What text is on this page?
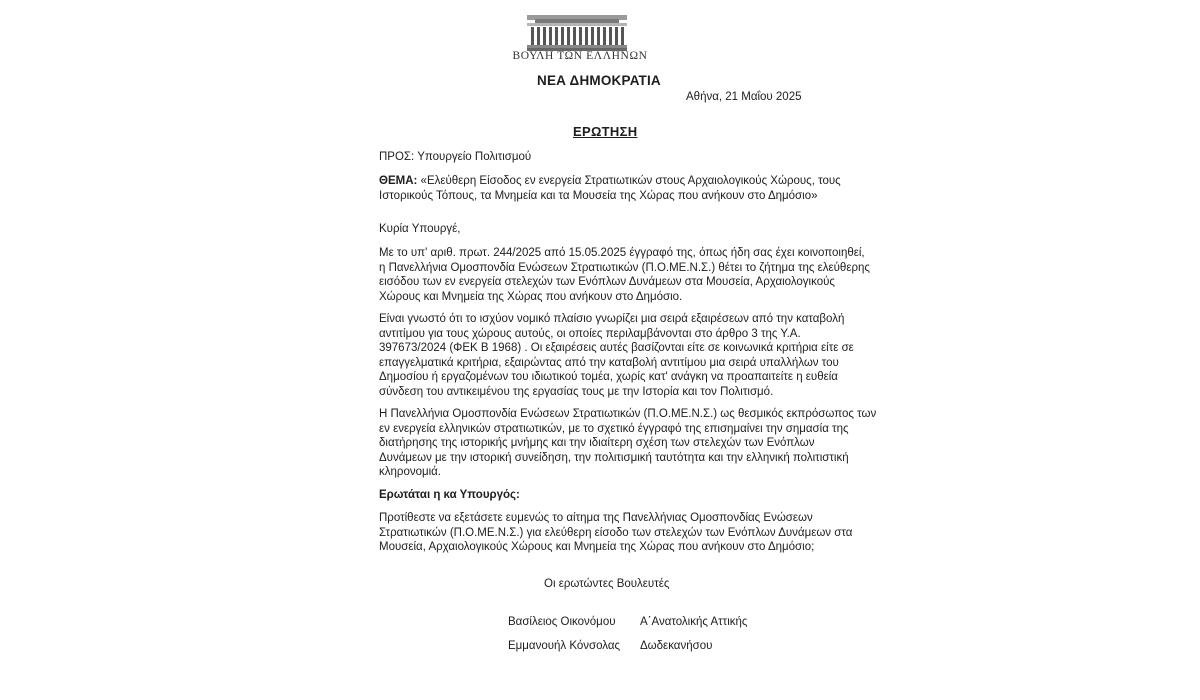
ΒΟΥΛΗ ΤΩΝ ΕΛΛΗΝΩΝ
ΝΕΑ ΔΗΜΟΚΡΑΤΙΑ
Αθήνα, 21 Μαΐου 2025
ΕΡΩΤΗΣΗ
ΠΡΟΣ: Υπουργείο Πολιτισμού
ΘΕΜΑ: «Ελεύθερη Είσοδος εν ενεργεία Στρατιωτικών στους Αρχαιολογικούς Χώρους, τους
Ιστορικούς Τόπους, τα Μνημεία και τα Μουσεία της Χώρας που ανήκουν στο Δημόσιο»
Κυρία Υπουργέ,
Με το υπ' αριθ. πρωτ. 244/2025 από 15.05.2025 έγγραφό της, όπως ήδη σας έχει κοινοποιηθεί,
η Πανελλήνια Ομοσπονδία Ενώσεων Στρατιωτικών (Π.Ο.ΜΕ.Ν.Σ.) θέτει το ζήτημα της ελεύθερης
εισόδου των εν ενεργεία στελεχών των Ενόπλων Δυνάμεων στα Μουσεία, Αρχαιολογικούς
Χώρους και Μνημεία της Χώρας που ανήκουν στο Δημόσιο.
Είναι γνωστό ότι το ισχύον νομικό πλαίσιο γνωρίζει μια σειρά εξαιρέσεων από την καταβολή
αντιτίμου για τους χώρους αυτούς, οι οποίες περιλαμβάνονται στο άρθρο 3 της Υ.Α.
397673/2024 (ΦΕΚ Β 1968) . Οι εξαιρέσεις αυτές βασίζονται είτε σε κοινωνικά κριτήρια είτε σε
επαγγελματικά κριτήρια, εξαιρώντας από την καταβολή αντιτίμου μια σειρά υπαλλήλων του
Δημοσίου ή εργαζομένων του ιδιωτικού τομέα, χωρίς κατ' ανάγκη να προαπαιτείτε η ευθεία
σύνδεση του αντικειμένου της εργασίας τους με την Ιστορία και τον Πολιτισμό.
Η Πανελλήνια Ομοσπονδία Ενώσεων Στρατιωτικών (Π.Ο.ΜΕ.Ν.Σ.) ως θεσμικός εκπρόσωπος των
εν ενεργεία ελληνικών στρατιωτικών, με το σχετικό έγγραφό της επισημαίνει την σημασία της
διατήρησης της ιστορικής μνήμης και την ιδιαίτερη σχέση των στελεχών των Ενόπλων
Δυνάμεων με την ιστορική συνείδηση, την πολιτισμική ταυτότητα και την ελληνική πολιτιστική
κληρονομιά.
Ερωτάται η κα Υπουργός:
Προτίθεστε να εξετάσετε ευμενώς το αίτημα της Πανελλήνιας Ομοσπονδίας Ενώσεων
Στρατιωτικών (Π.Ο.ΜΕ.Ν.Σ.) για ελεύθερη είσοδο των στελεχών των Ενόπλων Δυνάμεων στα
Μουσεία, Αρχαιολογικούς Χώρους και Μνημεία της Χώρας που ανήκουν στο Δημόσιο;
Οι ερωτώντες Βουλευτές
Βασίλειος Οικονόμου Α΄Ανατολικής Αττικής
Εμμανουήλ Κόνσολας Δωδεκανήσου
